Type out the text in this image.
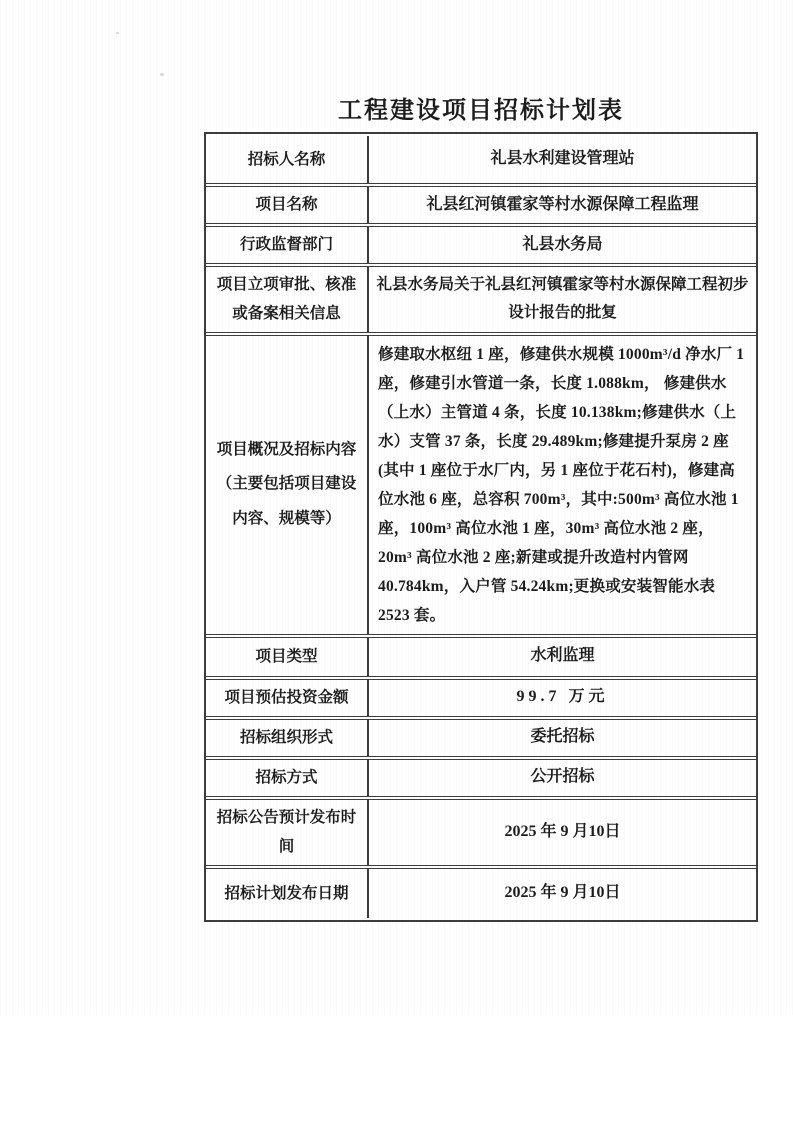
工程建设项目招标计划表
招标人名称	礼县水利建设管理站
项目名称	礼县红河镇霍家等村水源保障工程监理
行政监督部门	礼县水务局
项目立项审批、核准或备案相关信息	礼县水务局关于礼县红河镇霍家等村水源保障工程初步设计报告的批复
项目概况及招标内容（主要包括项目建设内容、规模等）	修建取水枢纽 1 座，修建供水规模 1000m³/d 净水厂 1 座，修建引水管道一条，长度 1.088km， 修建供水（上水）主管道 4 条，长度 10.138km;修建供水（上水）支管 37 条，长度 29.489km;修建提升泵房 2 座(其中 1 座位于水厂内，另 1 座位于花石村)，修建高位水池 6 座，总容积 700m³，其中:500m³ 高位水池 1 座，100m³ 高位水池 1 座，30m³ 高位水池 2 座，20m³ 高位水池 2 座;新建或提升改造村内管网 40.784km，入户管 54.24km;更换或安装智能水表 2523 套。
项目类型	水利监理
项目预估投资金额	99.7 万元
招标组织形式	委托招标
招标方式	公开招标
招标公告预计发布时间	2025 年 9 月10日
招标计划发布日期	2025 年 9 月10日
